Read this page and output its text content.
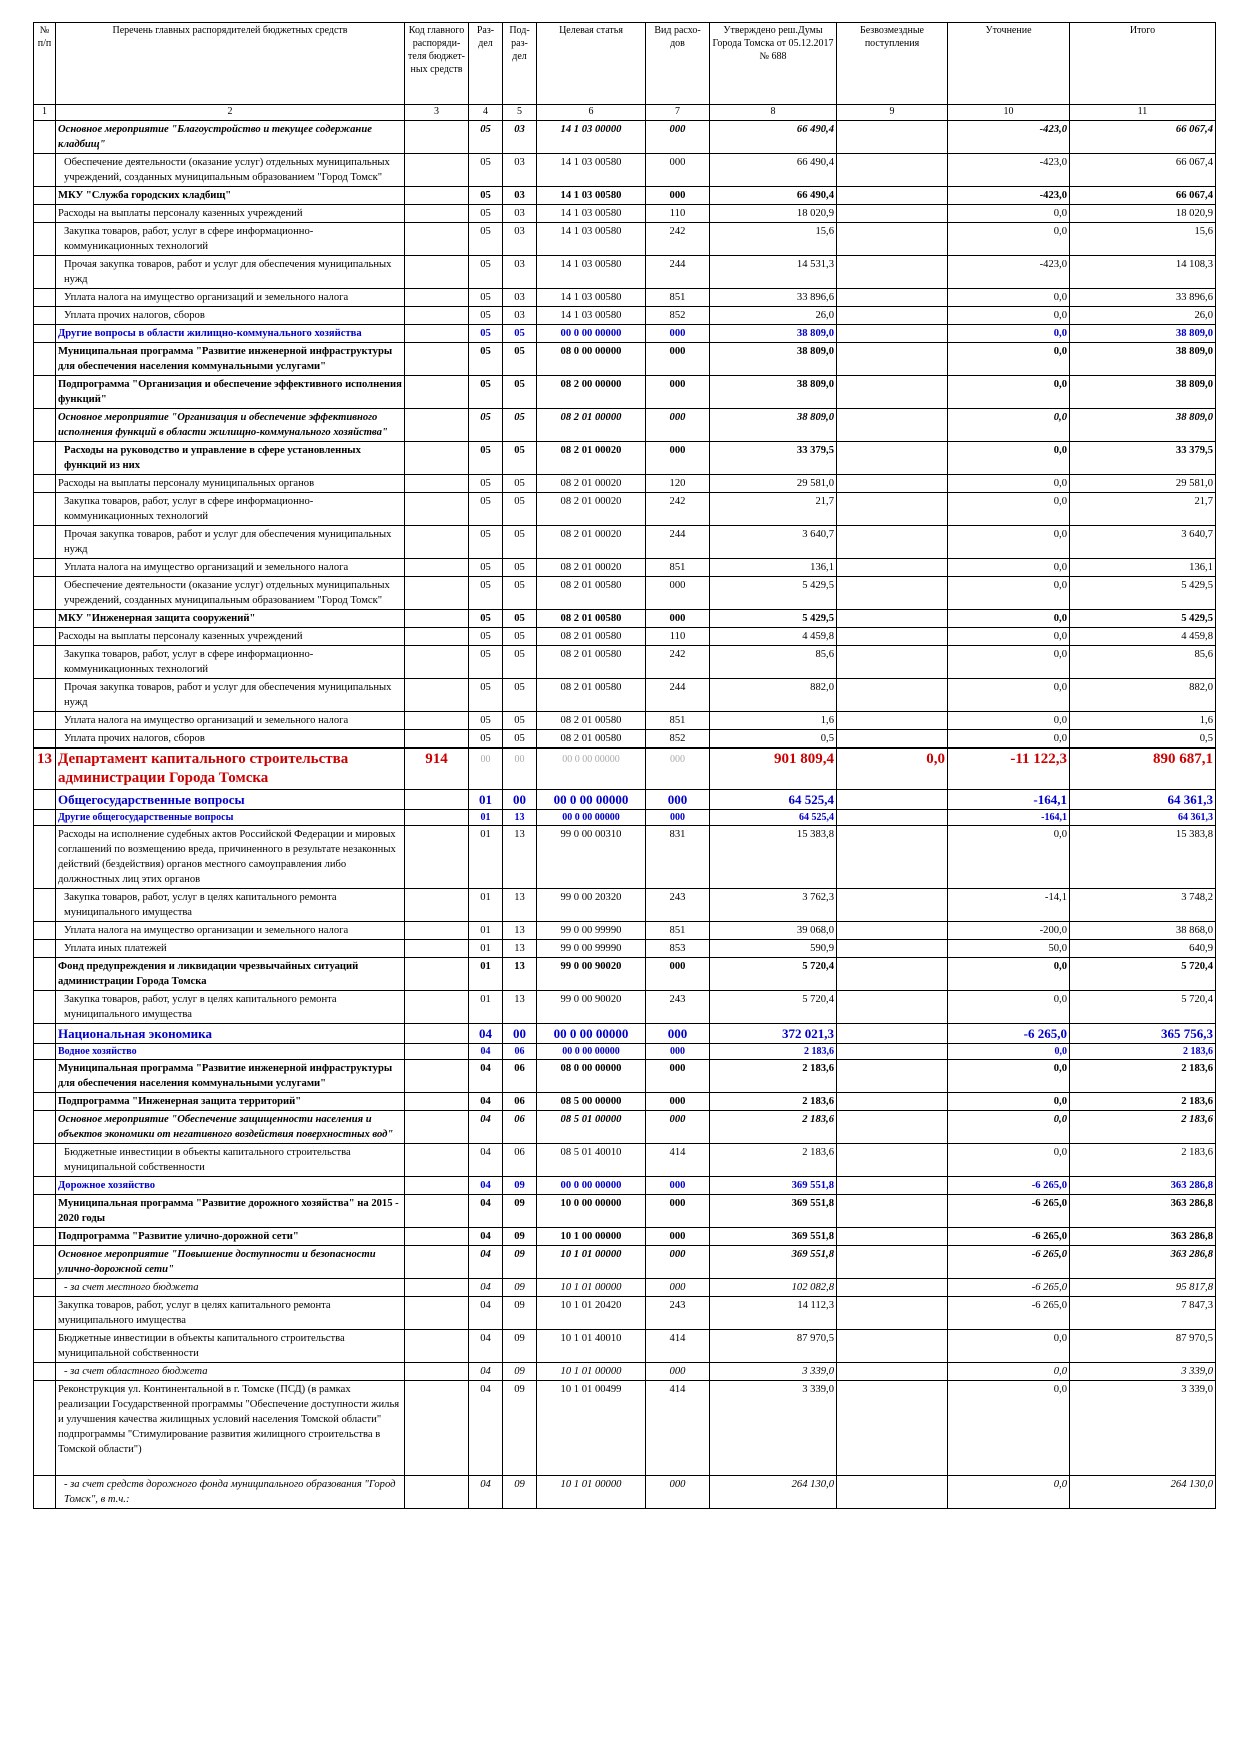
№ п/п	Перечень главных распорядителей бюджетных средств	Код главного распоряди-теля бюджет-ных средств	Раз-дел	Под-раз-дел	Целевая статья	Вид расхо-дов	Утверждено реш.Думы Города Томска от 05.12.2017 № 688	Безвозмездные поступления	Уточнение	Итого
1	2	3	4	5	6	7	8	9	10	11
	Основное мероприятие "Благоустройство и текущее содержание кладбищ"		05	03	14 1 03 00000	000	66 490,4		-423,0	66 067,4
	Обеспечение деятельности (оказание услуг) отдельных муниципальных учреждений, созданных муниципальным образованием "Город Томск"		05	03	14 1 03 00580	000	66 490,4		-423,0	66 067,4
	МКУ "Служба городских кладбищ"		05	03	14 1 03 00580	000	66 490,4		-423,0	66 067,4
	Расходы на выплаты персоналу казенных учреждений		05	03	14 1 03 00580	110	18 020,9		0,0	18 020,9
	Закупка товаров, работ, услуг в сфере информационно-коммуникационных технологий		05	03	14 1 03 00580	242	15,6		0,0	15,6
	Прочая закупка товаров, работ и услуг для обеспечения муниципальных нужд		05	03	14 1 03 00580	244	14 531,3		-423,0	14 108,3
	Уплата налога на имущество организаций и земельного налога		05	03	14 1 03 00580	851	33 896,6		0,0	33 896,6
	Уплата прочих налогов, сборов		05	03	14 1 03 00580	852	26,0		0,0	26,0
	Другие вопросы в области жилищно-коммунального хозяйства		05	05	00 0 00 00000	000	38 809,0		0,0	38 809,0
	Муниципальная программа "Развитие инженерной инфраструктуры для обеспечения населения коммунальными услугами"		05	05	08 0 00 00000	000	38 809,0		0,0	38 809,0
	Подпрограмма "Организация и обеспечение эффективного исполнения функций"		05	05	08 2 00 00000	000	38 809,0		0,0	38 809,0
	Основное мероприятие "Организация и обеспечение эффективного исполнения функций в области жилищно-коммунального хозяйства"		05	05	08 2 01 00000	000	38 809,0		0,0	38 809,0
	Расходы на руководство и управление в сфере установленных функций из них		05	05	08 2 01 00020	000	33 379,5		0,0	33 379,5
	Расходы на выплаты персоналу муниципальных органов		05	05	08 2 01 00020	120	29 581,0		0,0	29 581,0
	Закупка товаров, работ, услуг в сфере информационно-коммуникационных технологий		05	05	08 2 01 00020	242	21,7		0,0	21,7
	Прочая закупка товаров, работ и услуг для обеспечения муниципальных нужд		05	05	08 2 01 00020	244	3 640,7		0,0	3 640,7
	Уплата налога на имущество организаций и земельного налога		05	05	08 2 01 00020	851	136,1		0,0	136,1
	Обеспечение деятельности (оказание услуг) отдельных муниципальных учреждений, созданных муниципальным образованием "Город Томск"		05	05	08 2 01 00580	000	5 429,5		0,0	5 429,5
	МКУ "Инженерная защита сооружений"		05	05	08 2 01 00580	000	5 429,5		0,0	5 429,5
	Расходы на выплаты персоналу казенных учреждений		05	05	08 2 01 00580	110	4 459,8		0,0	4 459,8
	Закупка товаров, работ, услуг в сфере информационно-коммуникационных технологий		05	05	08 2 01 00580	242	85,6		0,0	85,6
	Прочая закупка товаров, работ и услуг для обеспечения муниципальных нужд		05	05	08 2 01 00580	244	882,0		0,0	882,0
	Уплата налога на имущество организаций и земельного налога		05	05	08 2 01 00580	851	1,6		0,0	1,6
	Уплата прочих налогов, сборов		05	05	08 2 01 00580	852	0,5		0,0	0,5
13	Департамент капитального строительства администрации Города Томска	914	00	00	00 0 00 00000	000	901 809,4	0,0	-11 122,3	890 687,1
	Общегосударственные вопросы		01	00	00 0 00 00000	000	64 525,4		-164,1	64 361,3
	Другие общегосударственные вопросы		01	13	00 0 00 00000	000	64 525,4		-164,1	64 361,3
	Расходы на исполнение судебных актов Российской Федерации и мировых соглашений по возмещению вреда, причиненного в результате незаконных действий (бездействия) органов местного самоуправления либо должностных лиц этих органов		01	13	99 0 00 00310	831	15 383,8		0,0	15 383,8
	Закупка товаров, работ, услуг в целях капитального ремонта муниципального имущества		01	13	99 0 00 20320	243	3 762,3		-14,1	3 748,2
	Уплата налога на имущество организации и земельного налога		01	13	99 0 00 99990	851	39 068,0		-200,0	38 868,0
	Уплата иных платежей		01	13	99 0 00 99990	853	590,9		50,0	640,9
	Фонд предупреждения и ликвидации чрезвычайных ситуаций администрации Города Томска		01	13	99 0 00 90020	000	5 720,4		0,0	5 720,4
	Закупка товаров, работ, услуг в целях капитального ремонта муниципального имущества		01	13	99 0 00 90020	243	5 720,4		0,0	5 720,4
	Национальная экономика		04	00	00 0 00 00000	000	372 021,3		-6 265,0	365 756,3
	Водное хозяйство		04	06	00 0 00 00000	000	2 183,6		0,0	2 183,6
	Муниципальная программа "Развитие инженерной инфраструктуры для обеспечения населения коммунальными услугами"		04	06	08 0 00 00000	000	2 183,6		0,0	2 183,6
	Подпрограмма "Инженерная защита территорий"		04	06	08 5 00 00000	000	2 183,6		0,0	2 183,6
	Основное мероприятие "Обеспечение защищенности населения и объектов экономики от негативного воздействия поверхностных вод"		04	06	08 5 01 00000	000	2 183,6		0,0	2 183,6
	Бюджетные инвестиции в объекты капитального строительства муниципальной собственности		04	06	08 5 01 40010	414	2 183,6		0,0	2 183,6
	Дорожное хозяйство		04	09	00 0 00 00000	000	369 551,8		-6 265,0	363 286,8
	Муниципальная программа "Развитие дорожного хозяйства" на 2015 - 2020 годы		04	09	10 0 00 00000	000	369 551,8		-6 265,0	363 286,8
	Подпрограмма "Развитие улично-дорожной сети"		04	09	10 1 00 00000	000	369 551,8		-6 265,0	363 286,8
	Основное мероприятие "Повышение доступности и безопасности улично-дорожной сети"		04	09	10 1 01 00000	000	369 551,8		-6 265,0	363 286,8
	- за счет местного бюджета		04	09	10 1 01 00000	000	102 082,8		-6 265,0	95 817,8
	Закупка товаров, работ, услуг в целях капитального ремонта муниципального имущества		04	09	10 1 01 20420	243	14 112,3		-6 265,0	7 847,3
	Бюджетные инвестиции в объекты капитального строительства муниципальной собственности		04	09	10 1 01 40010	414	87 970,5		0,0	87 970,5
	- за счет областного бюджета		04	09	10 1 01 00000	000	3 339,0		0,0	3 339,0
	Реконструкция ул. Континентальной в г. Томске (ПСД) (в рамках реализации Государственной программы "Обеспечение доступности жилья и улучшения качества жилищных условий населения Томской области" подпрограммы "Стимулирование развития жилищного строительства в Томской области")		04	09	10 1 01 00499	414	3 339,0		0,0	3 339,0
	- за счет средств дорожного фонда муниципального образования "Город Томск", в т.ч.:		04	09	10 1 01 00000	000	264 130,0		0,0	264 130,0
